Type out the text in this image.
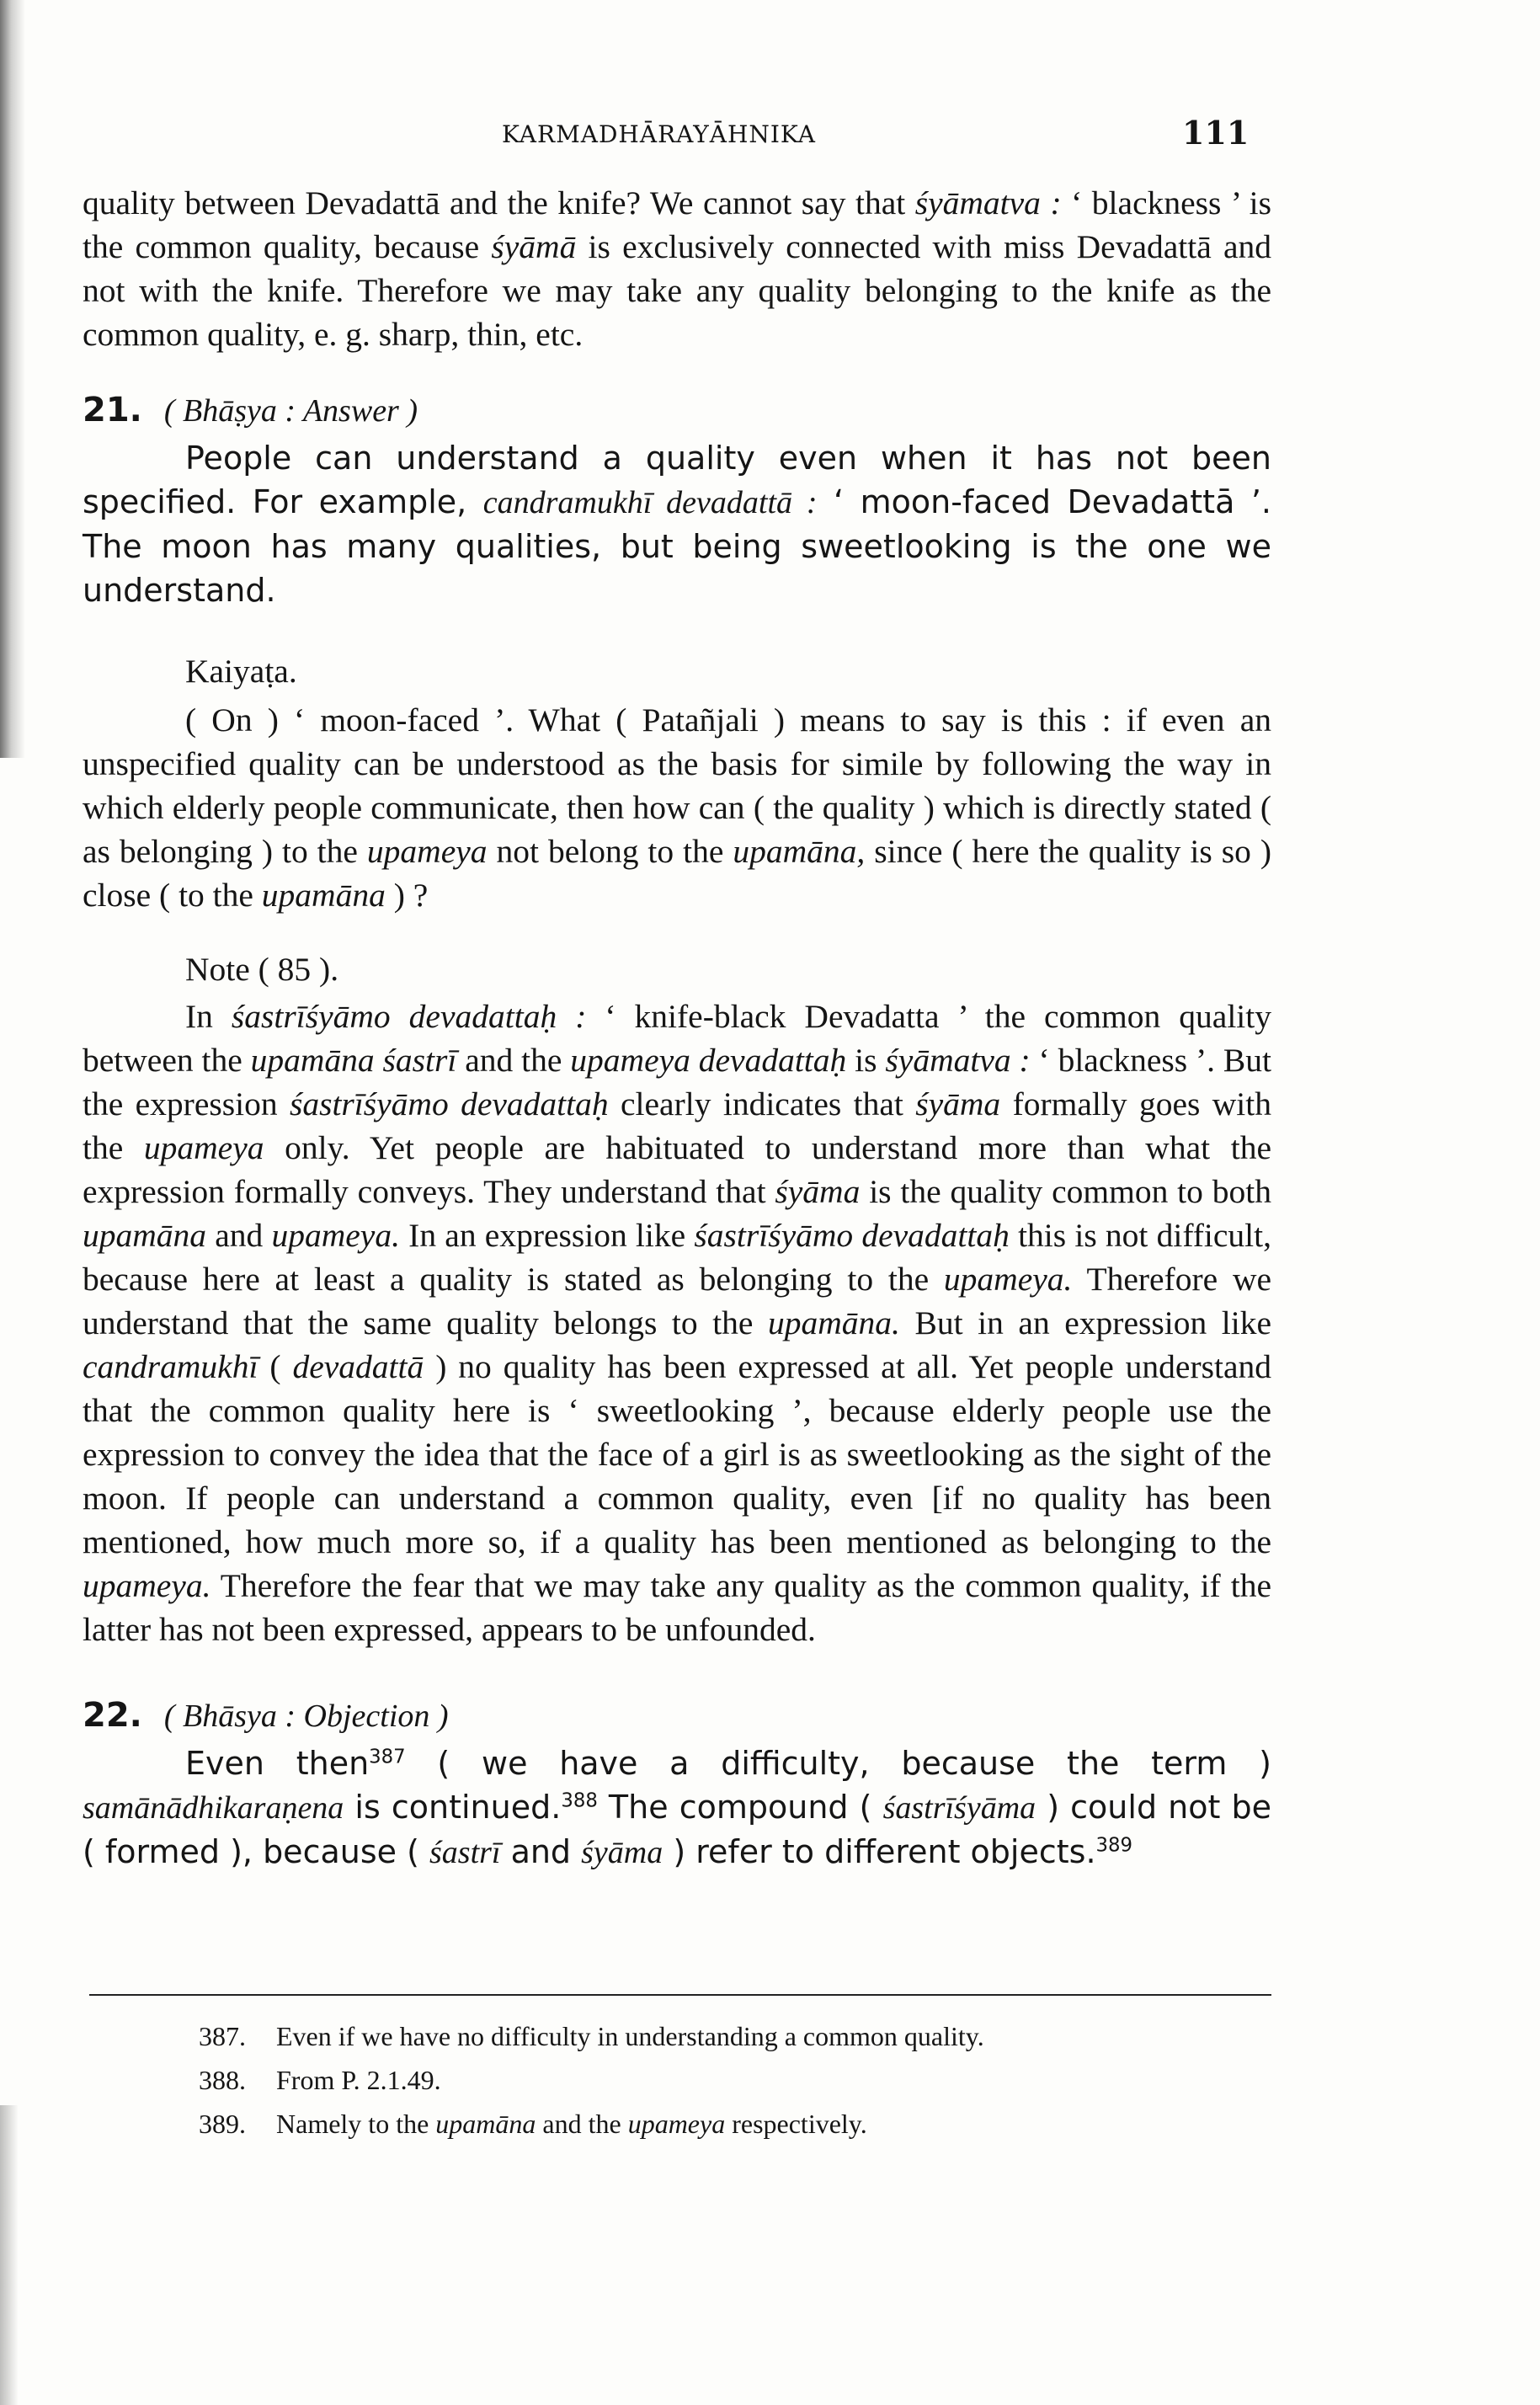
KARMADHĀRAYĀHNIKA	111

quality between Devadattā and the knife? We cannot say that śyāmatva : ‘ blackness ’ is the common quality, because śyāmā is exclusively connected with miss Devadattā and not with the knife. Therefore we may take any quality belonging to the knife as the common quality, e. g. sharp, thin, etc.

21. ( Bhāṣya : Answer )

People can understand a quality even when it has not been specified. For example, candramukhī devadattā : ‘ moon-faced Devadattā ’. The moon has many qualities, but being sweetlooking is the one we understand.

Kaiyaṭa.

( On ) ‘ moon-faced ’. What ( Patañjali ) means to say is this : if even an unspecified quality can be understood as the basis for simile by following the way in which elderly people communicate, then how can ( the quality ) which is directly stated ( as belonging ) to the upameya not belong to the upamāna, since ( here the quality is so ) close ( to the upamāna ) ?

Note ( 85 ).

In śastrīśyāmo devadattaḥ : ‘ knife-black Devadatta ’ the common quality between the upamāna śastrī and the upameya devadattaḥ is śyāmatva : ‘ blackness ’. But the expression śastrīśyāmo devadattaḥ clearly indicates that śyāma formally goes with the upameya only. Yet people are habituated to understand more than what the expression formally conveys. They understand that śyāma is the quality common to both upamāna and upameya. In an expression like śastrīśyāmo devadattaḥ this is not difficult, because here at least a quality is stated as belonging to the upameya. Therefore we understand that the same quality belongs to the upamāna. But in an expression like candramukhī ( devadattā ) no quality has been expressed at all. Yet people understand that the common quality here is ‘ sweetlooking ’, because elderly people use the expression to convey the idea that the face of a girl is as sweetlooking as the sight of the moon. If people can understand a common quality, even [if no quality has been mentioned, how much more so, if a quality has been mentioned as belonging to the upameya. Therefore the fear that we may take any quality as the common quality, if the latter has not been expressed, appears to be unfounded.

22. ( Bhāsya : Objection )

Even then$^{387}$ ( we have a difficulty, because the term ) samānādhikaraṇena is continued.$^{388}$ The compound ( śastrīśyāma ) could not be ( formed ), because ( śastrī and śyāma ) refer to different objects.$^{389}$

387. Even if we have no difficulty in understanding a common quality.
388. From P. 2.1.49.
389. Namely to the upamāna and the upameya respectively.
